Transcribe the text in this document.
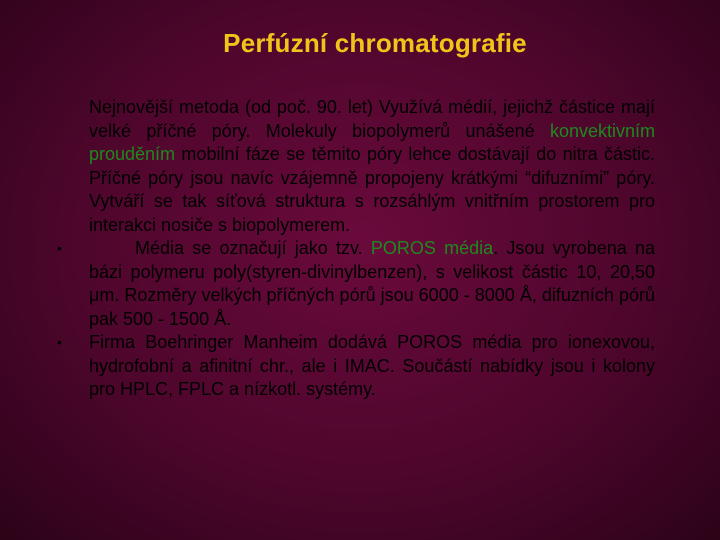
Perfúzní chromatografie

Nejnovější metoda (od poč. 90. let) Využívá médií, jejichž částice mají velké příčné póry. Molekuly biopolymerů unášené konvektivním prouděním mobilní fáze se těmito póry lehce dostávají do nitra částic. Příčné póry jsou navíc vzájemně propojeny krátkými “difuzními” póry. Vytváří se tak síťová struktura s rozsáhlým vnitřním prostorem pro interakci nosiče s biopolymerem.

•	Média se označují jako tzv. POROS média. Jsou vyrobena na bázi polymeru poly(styren-divinylbenzen), s velikost částic 10, 20,50 μm. Rozměry velkých příčných pórů jsou 6000 - 8000 Å, difuzních pórů pak 500 - 1500 Å.

• Firma Boehringer Manheim dodává POROS média pro ionexovou, hydrofobní a afinitní chr., ale i IMAC. Součástí nabídky jsou i kolony pro HPLC, FPLC a nízkotl. systémy.
